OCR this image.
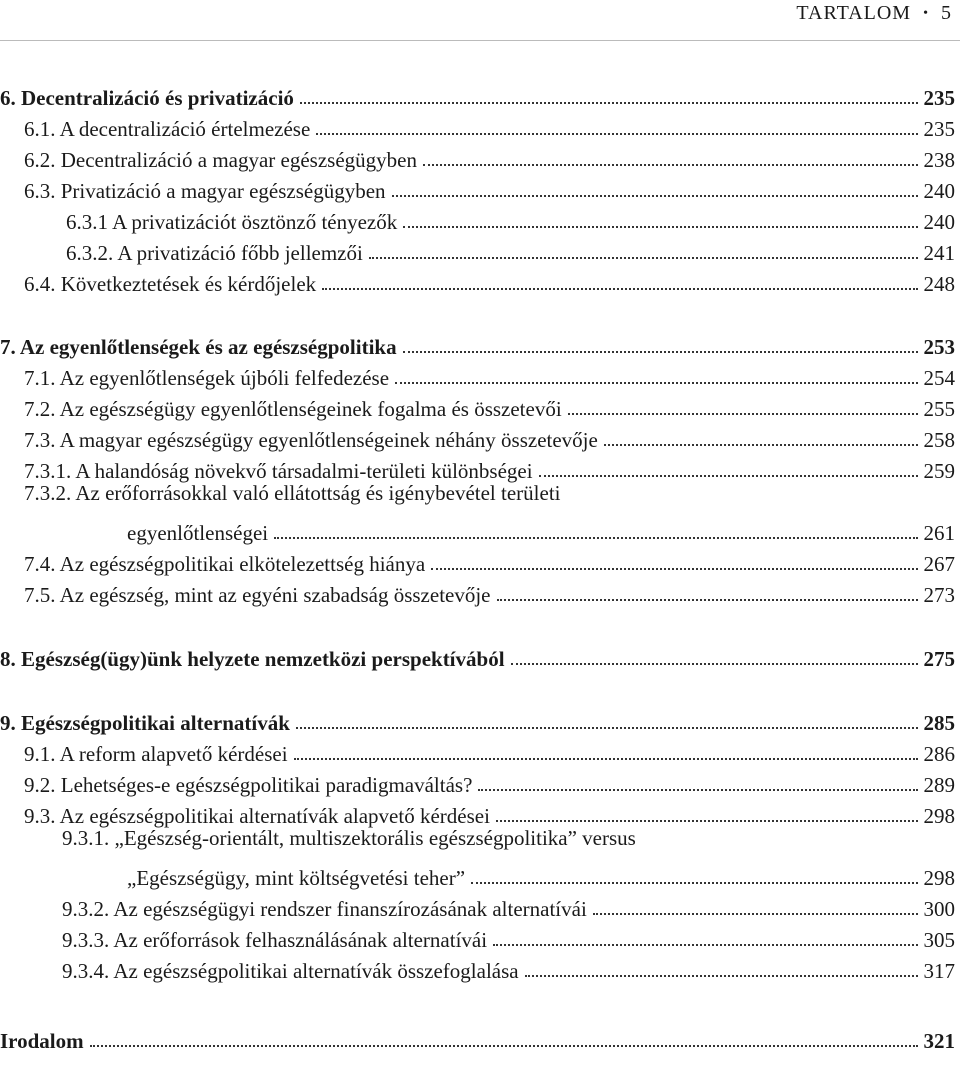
TARTALOM • 5
6. Decentralizáció és privatizáció	235
6.1. A decentralizáció értelmezése	235
6.2. Decentralizáció a magyar egészségügyben	238
6.3. Privatizáció a magyar egészségügyben	240
6.3.1 A privatizációt ösztönző tényezők	240
6.3.2. A privatizáció főbb jellemzői	241
6.4. Következtetések és kérdőjelek	248
7. Az egyenlőtlenségek és az egészségpolitika	253
7.1. Az egyenlőtlenségek újbóli felfedezése	254
7.2. Az egészségügy egyenlőtlenségeinek fogalma és összetevői	255
7.3. A magyar egészségügy egyenlőtlenségeinek néhány összetevője	258
7.3.1. A halandóság növekvő társadalmi-területi különbségei	259
7.3.2. Az erőforrásokkal való ellátottság és igénybevétel területi
egyenlőtlenségei	261
7.4. Az egészségpolitikai elkötelezettség hiánya	267
7.5. Az egészség, mint az egyéni szabadság összetevője	273
8. Egészség(ügy)ünk helyzete nemzetközi perspektívából	275
9. Egészségpolitikai alternatívák	285
9.1. A reform alapvető kérdései	286
9.2. Lehetséges-e egészségpolitikai paradigmaváltás?	289
9.3. Az egészségpolitikai alternatívák alapvető kérdései	298
9.3.1. „Egészség-orientált, multiszektorális egészségpolitika” versus
„Egészségügy, mint költségvetési teher”	298
9.3.2. Az egészségügyi rendszer finanszírozásának alternatívái	300
9.3.3. Az erőforrások felhasználásának alternatívái	305
9.3.4. Az egészségpolitikai alternatívák összefoglalása	317
Irodalom	321
